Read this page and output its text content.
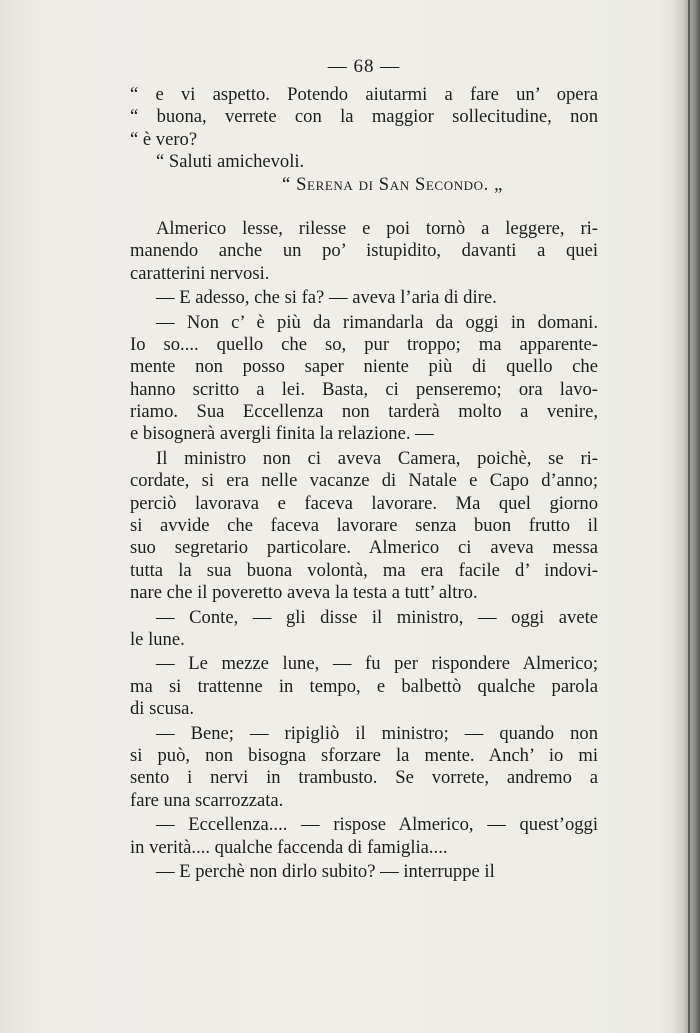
— 68 —
“ e vi aspetto. Potendo aiutarmi a fare un’ opera
“ buona, verrete con la maggior sollecitudine, non
“ è vero?
“ Saluti amichevoli.
“ Serena di San Secondo. „
Almerico lesse, rilesse e poi tornò a leggere, ri-
manendo anche un po’ istupidito, davanti a quei
caratterini nervosi.
— E adesso, che si fa? — aveva l’aria di dire.
— Non c’ è più da rimandarla da oggi in domani.
Io so.... quello che so, pur troppo; ma apparente-
mente non posso saper niente più di quello che
hanno scritto a lei. Basta, ci penseremo; ora lavo-
riamo. Sua Eccellenza non tarderà molto a venire,
e bisognerà avergli finita la relazione. —
Il ministro non ci aveva Camera, poichè, se ri-
cordate, si era nelle vacanze di Natale e Capo d’anno;
perciò lavorava e faceva lavorare. Ma quel giorno
si avvide che faceva lavorare senza buon frutto il
suo segretario particolare. Almerico ci aveva messa
tutta la sua buona volontà, ma era facile d’ indovi-
nare che il poveretto aveva la testa a tutt’ altro.
— Conte, — gli disse il ministro, — oggi avete
le lune.
— Le mezze lune, — fu per rispondere Almerico;
ma si trattenne in tempo, e balbettò qualche parola
di scusa.
— Bene; — ripigliò il ministro; — quando non
si può, non bisogna sforzare la mente. Anch’ io mi
sento i nervi in trambusto. Se vorrete, andremo a
fare una scarrozzata.
— Eccellenza.... — rispose Almerico, — quest’oggi
in verità.... qualche faccenda di famiglia....
— E perchè non dirlo subito? — interruppe il
